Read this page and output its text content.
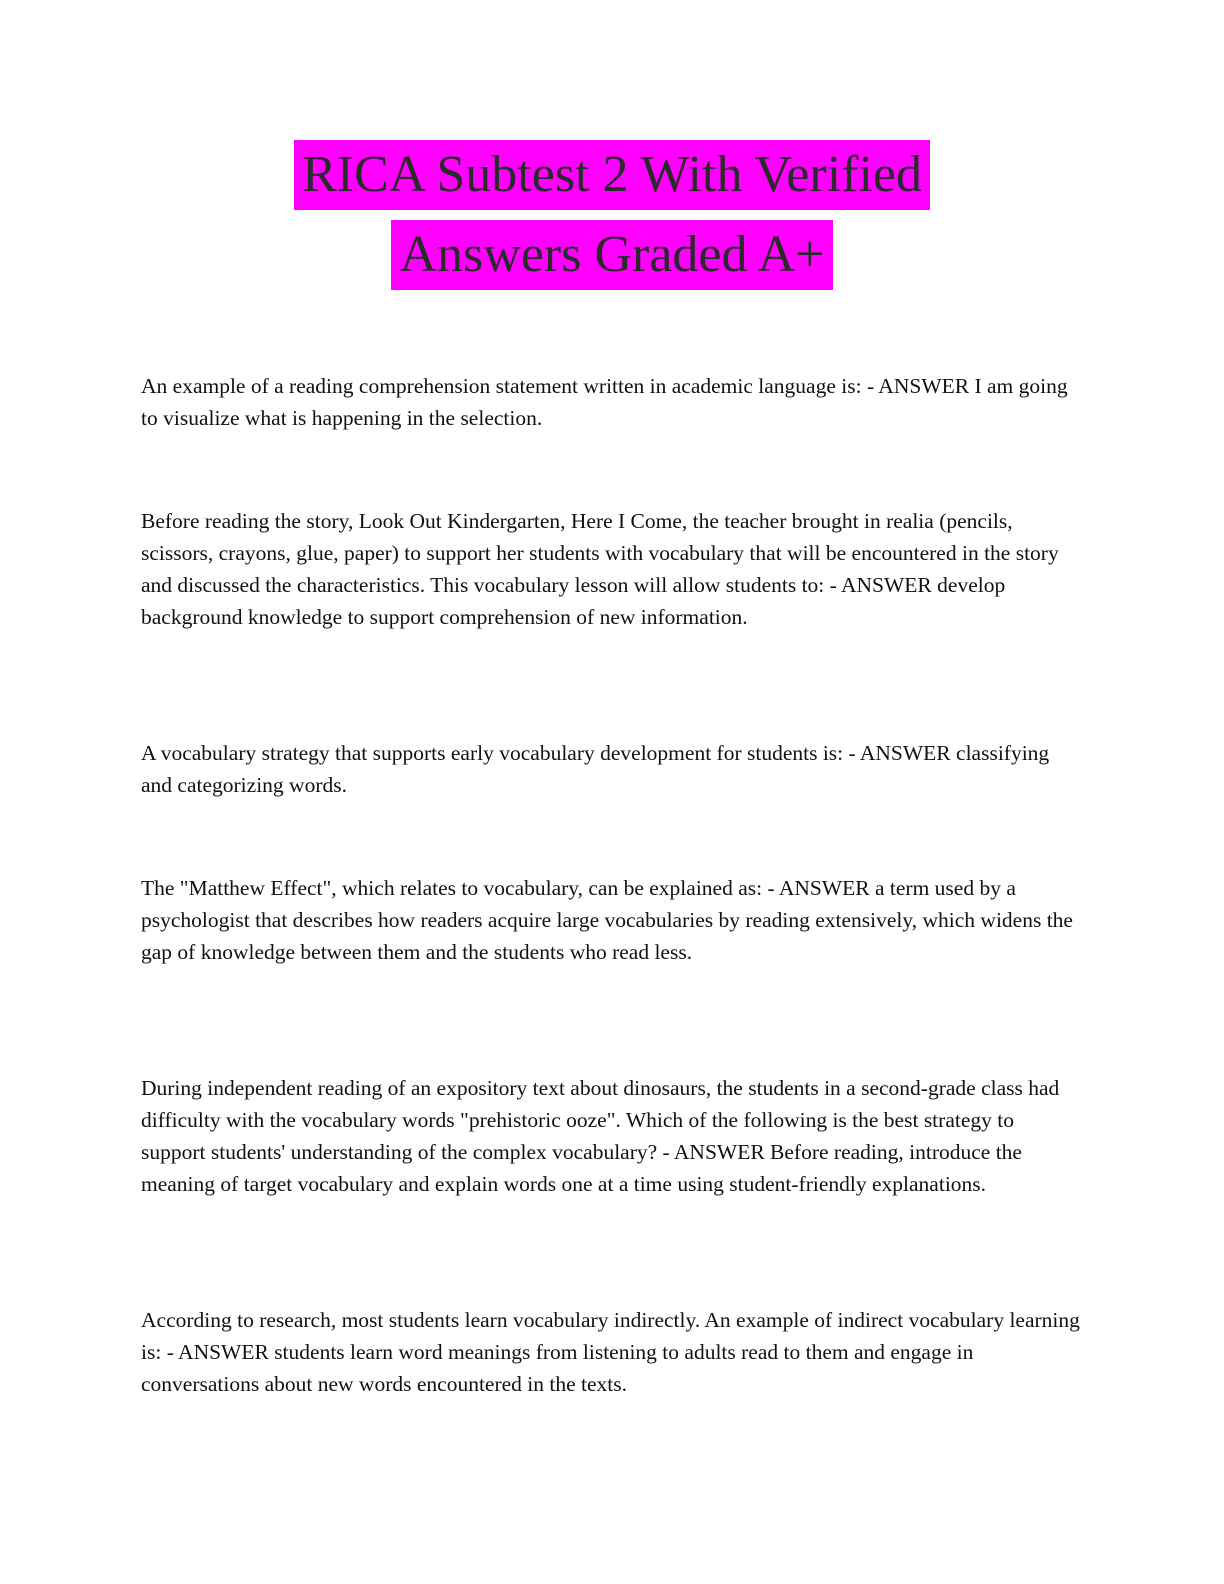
RICA Subtest 2 With Verified
Answers Graded A+

An example of a reading comprehension statement written in academic language is: - ANSWER I am going to visualize what is happening in the selection.

Before reading the story, Look Out Kindergarten, Here I Come, the teacher brought in realia (pencils, scissors, crayons, glue, paper) to support her students with vocabulary that will be encountered in the story and discussed the characteristics. This vocabulary lesson will allow students to: - ANSWER develop background knowledge to support comprehension of new information.

A vocabulary strategy that supports early vocabulary development for students is: - ANSWER classifying and categorizing words.

The "Matthew Effect", which relates to vocabulary, can be explained as: - ANSWER a term used by a psychologist that describes how readers acquire large vocabularies by reading extensively, which widens the gap of knowledge between them and the students who read less.

During independent reading of an expository text about dinosaurs, the students in a second-grade class had difficulty with the vocabulary words "prehistoric ooze". Which of the following is the best strategy to support students' understanding of the complex vocabulary? - ANSWER Before reading, introduce the meaning of target vocabulary and explain words one at a time using student-friendly explanations.

According to research, most students learn vocabulary indirectly. An example of indirect vocabulary learning is: - ANSWER students learn word meanings from listening to adults read to them and engage in conversations about new words encountered in the texts.
